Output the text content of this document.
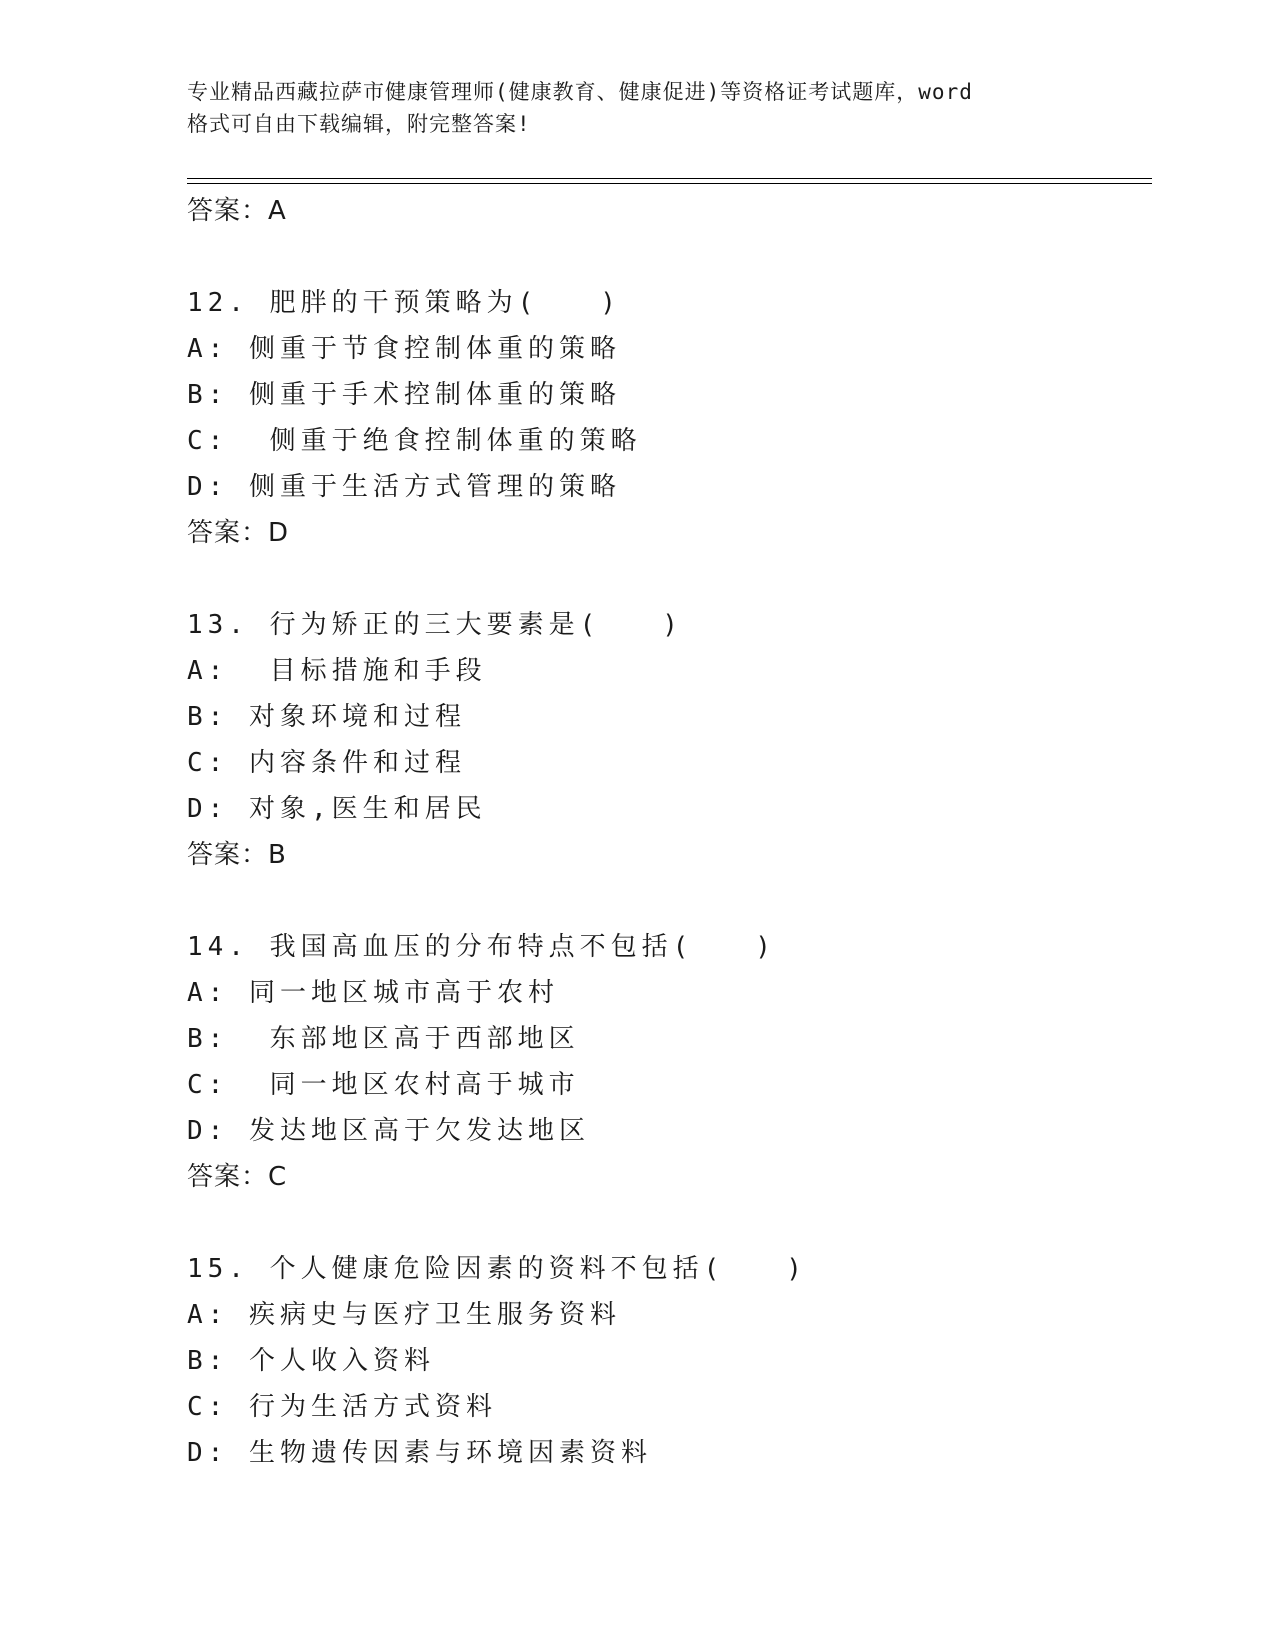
专业精品西藏拉萨市健康管理师(健康教育、健康促进)等资格证考试题库，word
格式可自由下载编辑，附完整答案!
答案：A
12. 肥胖的干预策略为(　　)
A: 侧重于节食控制体重的策略
B: 侧重于手术控制体重的策略
C:  侧重于绝食控制体重的策略
D: 侧重于生活方式管理的策略
答案：D
13. 行为矫正的三大要素是(　　)
A:  目标措施和手段
B: 对象环境和过程
C: 内容条件和过程
D: 对象,医生和居民
答案：B
14. 我国高血压的分布特点不包括(　　)
A: 同一地区城市高于农村
B:  东部地区高于西部地区
C:  同一地区农村高于城市
D: 发达地区高于欠发达地区
答案：C
15. 个人健康危险因素的资料不包括(　　)
A: 疾病史与医疗卫生服务资料
B: 个人收入资料
C: 行为生活方式资料
D: 生物遗传因素与环境因素资料
